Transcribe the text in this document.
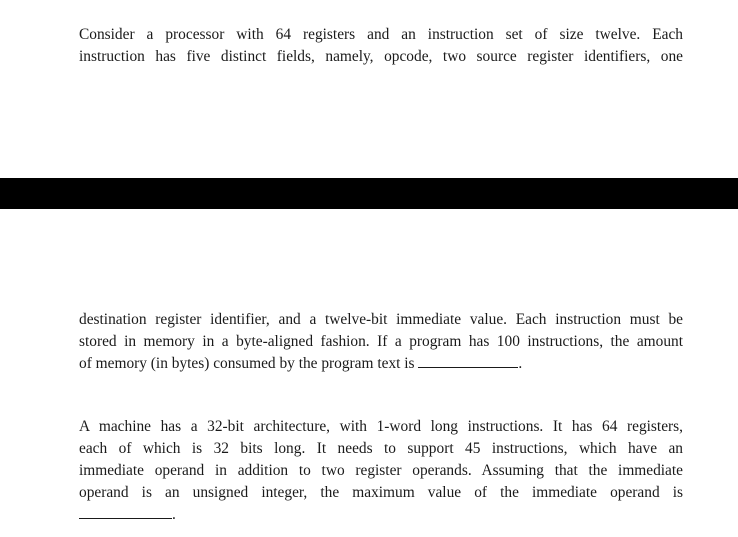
Consider a processor with 64 registers and an instruction set of size twelve. Each
instruction has five distinct fields, namely, opcode, two source register identifiers, one
destination register identifier, and a twelve-bit immediate value. Each instruction must be
stored in memory in a byte-aligned fashion. If a program has 100 instructions, the amount
of memory (in bytes) consumed by the program text is	.
A machine has a 32-bit architecture, with 1-word long instructions. It has 64 registers,
each of which is 32 bits long. It needs to support 45 instructions, which have an
immediate operand in addition to two register operands. Assuming that the immediate
operand is an unsigned integer, the maximum value of the immediate operand is
.
